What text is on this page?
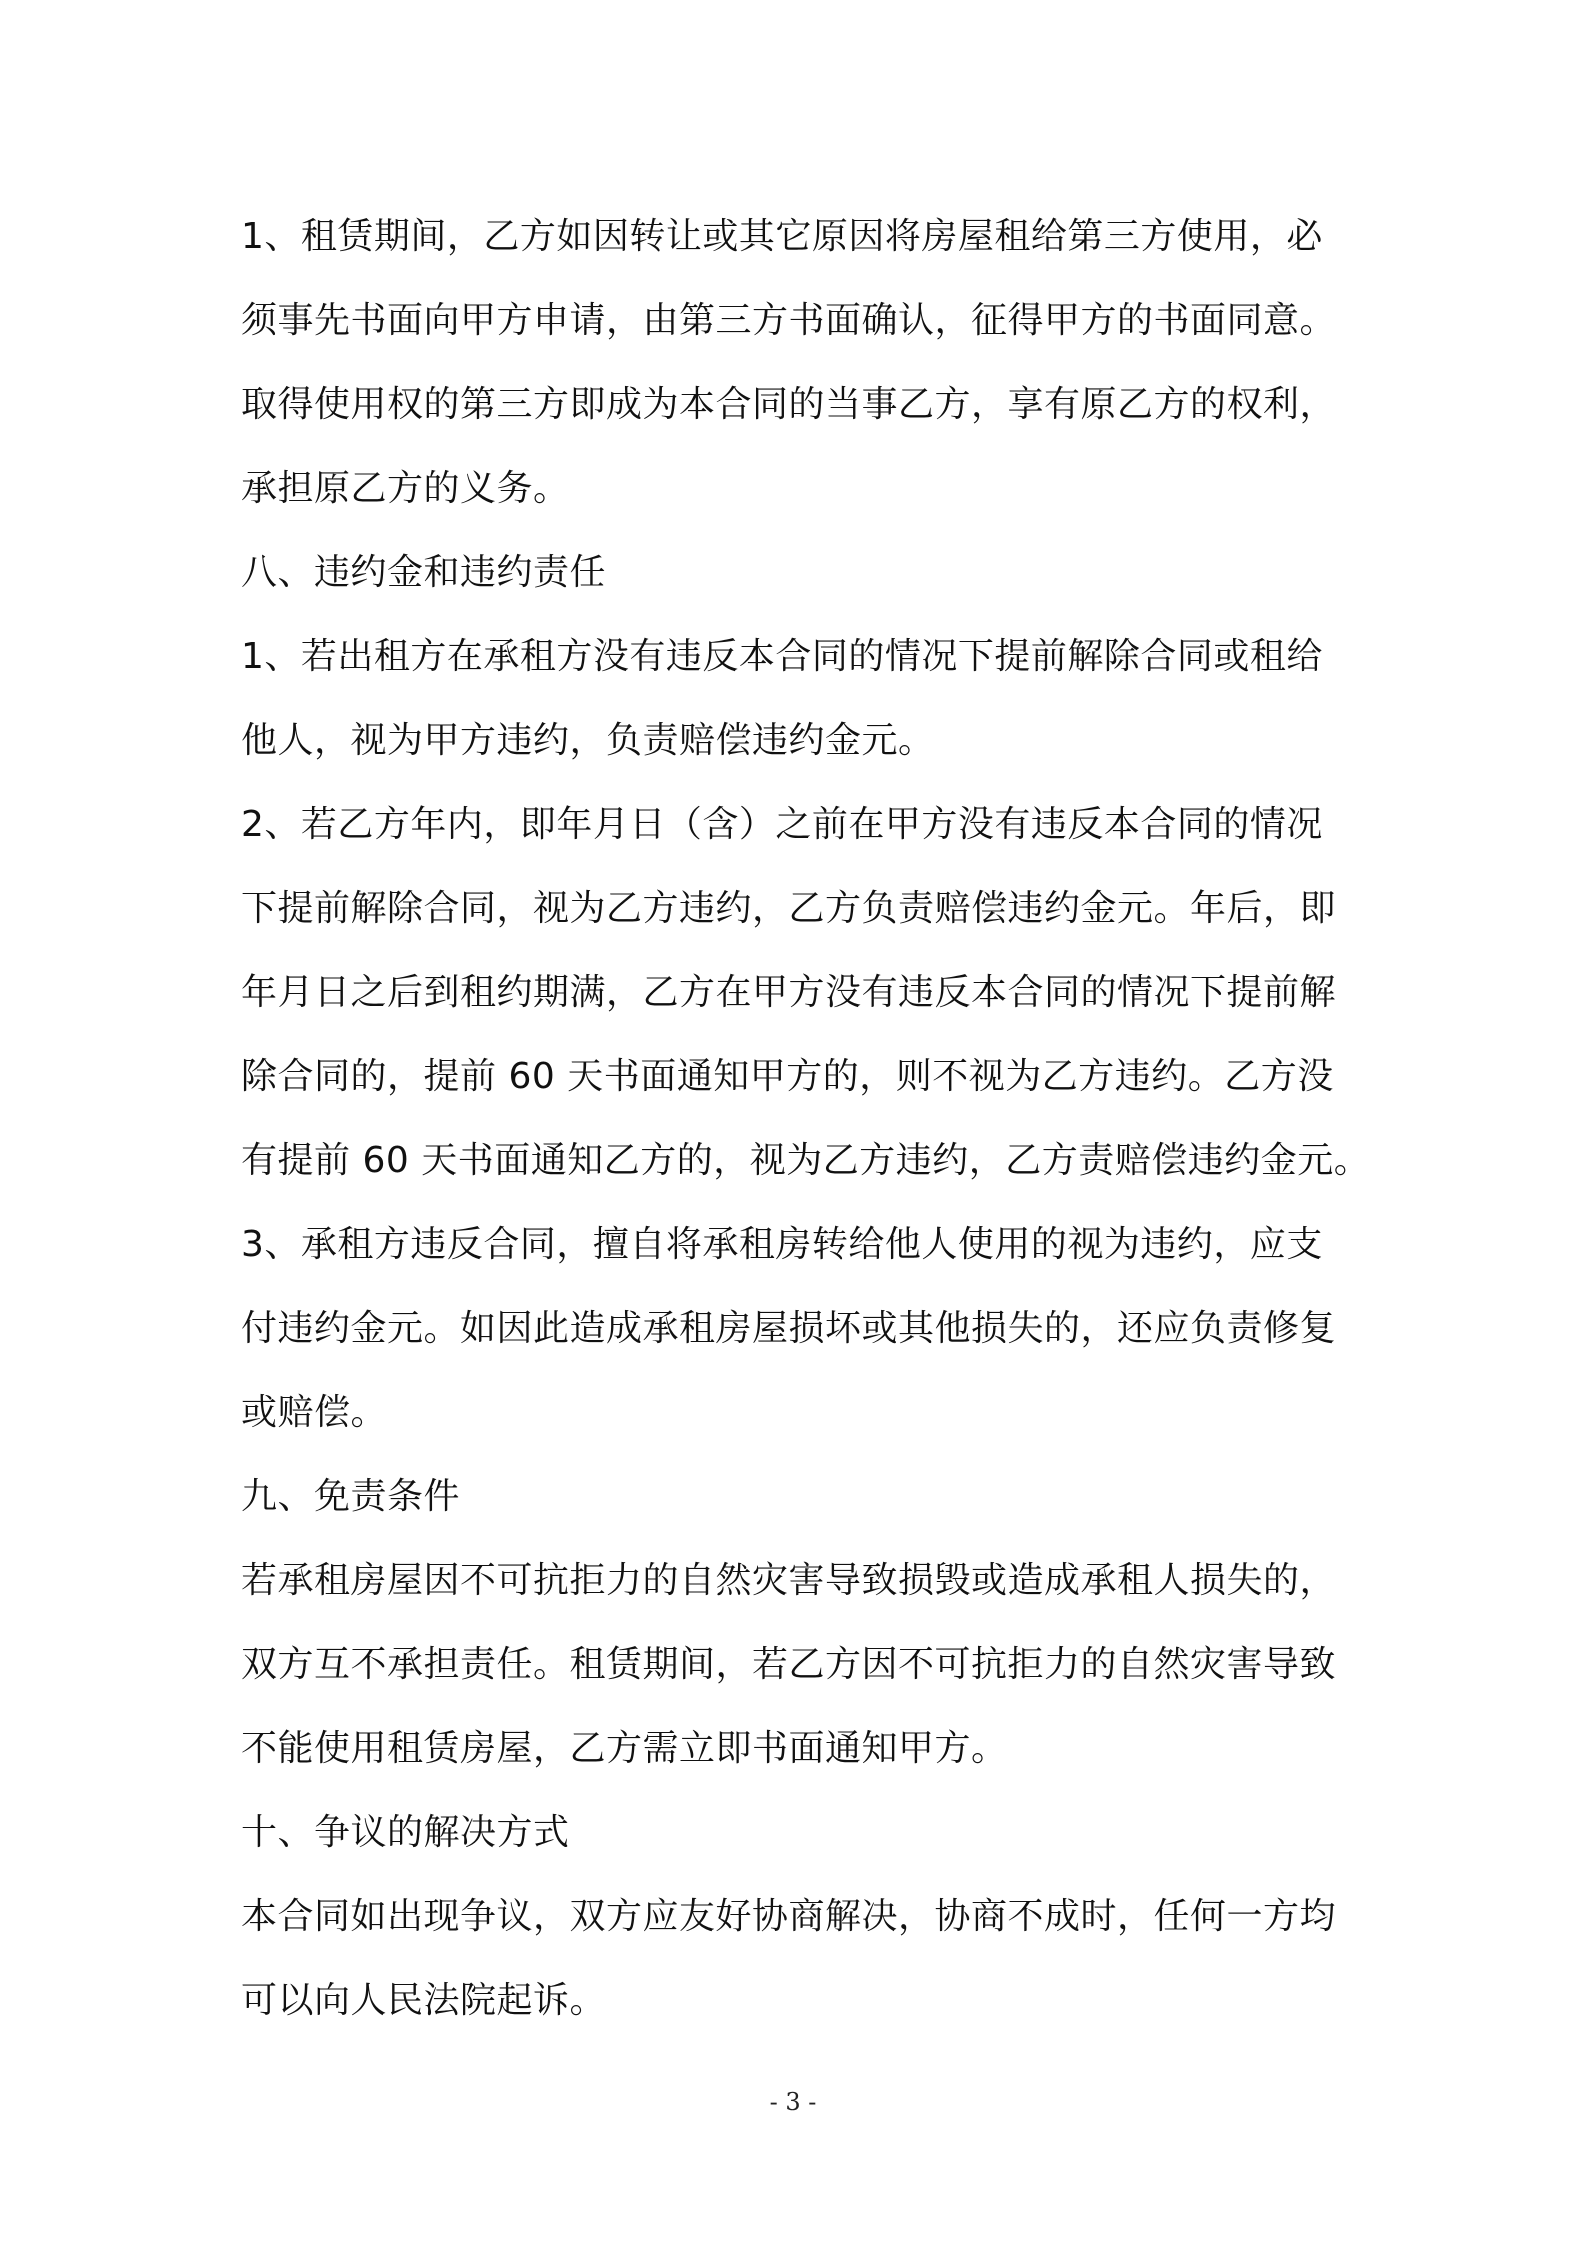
1、租赁期间，乙方如因转让或其它原因将房屋租给第三方使用，必
须事先书面向甲方申请，由第三方书面确认，征得甲方的书面同意。
取得使用权的第三方即成为本合同的当事乙方，享有原乙方的权利，
承担原乙方的义务。
八、违约金和违约责任
1、若出租方在承租方没有违反本合同的情况下提前解除合同或租给
他人，视为甲方违约，负责赔偿违约金元。
2、若乙方年内，即年月日（含）之前在甲方没有违反本合同的情况
下提前解除合同，视为乙方违约，乙方负责赔偿违约金元。年后，即
年月日之后到租约期满，乙方在甲方没有违反本合同的情况下提前解
除合同的，提前 60 天书面通知甲方的，则不视为乙方违约。乙方没
有提前 60 天书面通知乙方的，视为乙方违约，乙方责赔偿违约金元。
3、承租方违反合同，擅自将承租房转给他人使用的视为违约，应支
付违约金元。如因此造成承租房屋损坏或其他损失的，还应负责修复
或赔偿。
九、免责条件
若承租房屋因不可抗拒力的自然灾害导致损毁或造成承租人损失的，
双方互不承担责任。租赁期间，若乙方因不可抗拒力的自然灾害导致
不能使用租赁房屋，乙方需立即书面通知甲方。
十、争议的解决方式
本合同如出现争议，双方应友好协商解决，协商不成时，任何一方均
可以向人民法院起诉。
- 3 -
